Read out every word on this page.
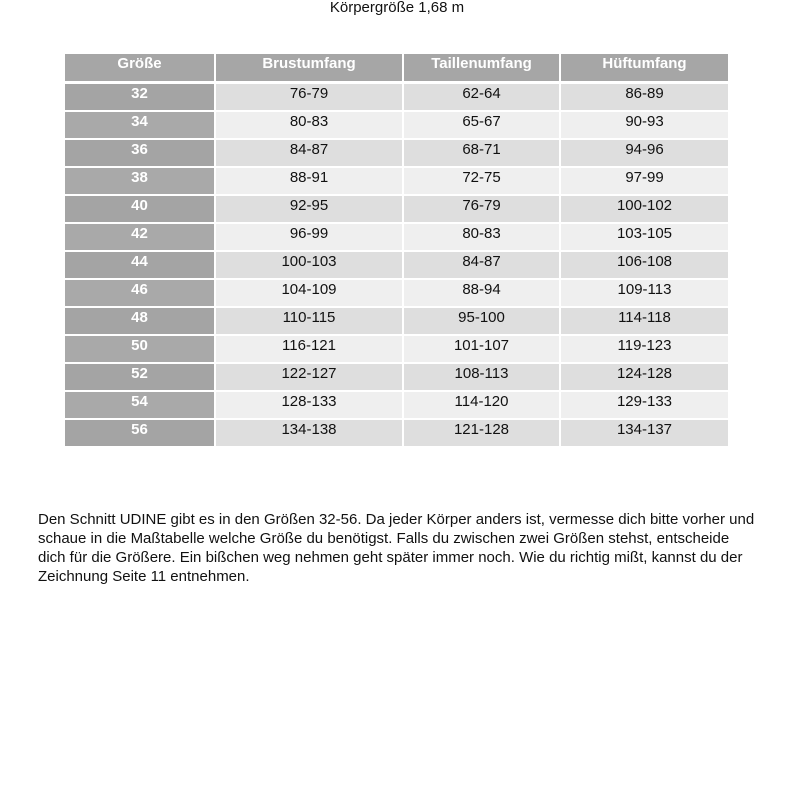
Körpergröße 1,68 m
Größe	Brustumfang	Taillenumfang	Hüftumfang
32	76-79	62-64	86-89
34	80-83	65-67	90-93
36	84-87	68-71	94-96
38	88-91	72-75	97-99
40	92-95	76-79	100-102
42	96-99	80-83	103-105
44	100-103	84-87	106-108
46	104-109	88-94	109-113
48	110-115	95-100	114-118
50	116-121	101-107	119-123
52	122-127	108-113	124-128
54	128-133	114-120	129-133
56	134-138	121-128	134-137

Den Schnitt UDINE gibt es in den Größen 32-56. Da jeder Körper anders ist, vermesse dich bitte vorher und schaue in die Maßtabelle welche Größe du benötigst. Falls du zwischen zwei Größen stehst, entscheide dich für die Größere. Ein bißchen weg nehmen geht später immer noch. Wie du richtig mißt, kannst du der Zeichnung Seite 11 entnehmen.
